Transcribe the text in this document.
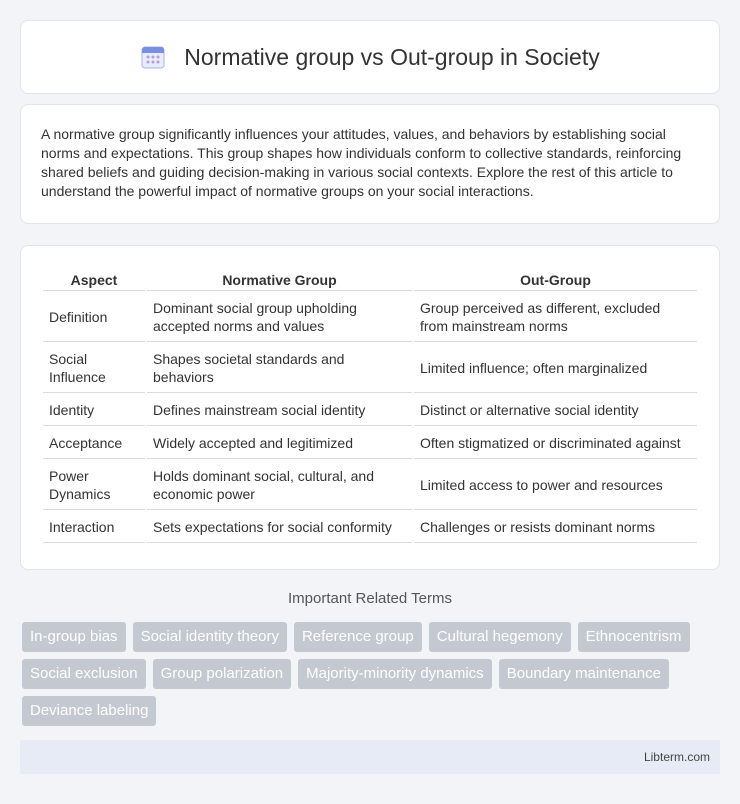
Normative group vs Out-group in Society

A normative group significantly influences your attitudes, values, and behaviors by establishing social norms and expectations. This group shapes how individuals conform to collective standards, reinforcing shared beliefs and guiding decision-making in various social contexts. Explore the rest of this article to understand the powerful impact of normative groups on your social interactions.

Aspect	Normative Group	Out-Group
Definition	Dominant social group upholding accepted norms and values	Group perceived as different, excluded from mainstream norms
Social Influence	Shapes societal standards and behaviors	Limited influence; often marginalized
Identity	Defines mainstream social identity	Distinct or alternative social identity
Acceptance	Widely accepted and legitimized	Often stigmatized or discriminated against
Power Dynamics	Holds dominant social, cultural, and economic power	Limited access to power and resources
Interaction	Sets expectations for social conformity	Challenges or resists dominant norms
Important Related Terms
In-group bias	Social identity theory	Reference group	Cultural hegemony	Ethnocentrism
Social exclusion	Group polarization	Majority-minority dynamics	Boundary maintenance
Deviance labeling
Libterm.com
